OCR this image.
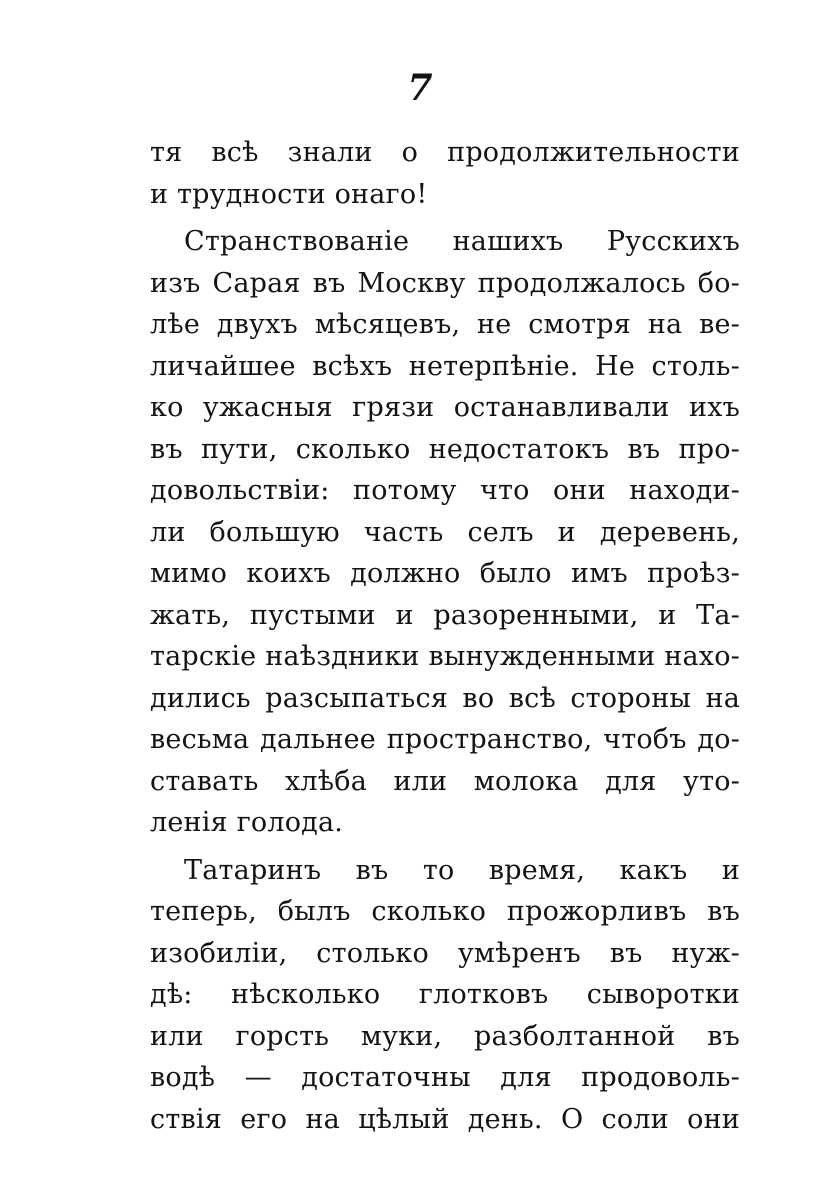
7
тя всѣ знали о продолжительности
и трудности онаго!
Странствованіе нашихъ Русскихъ
изъ Сарая въ Москву продолжалось бо-
лѣе двухъ мѣсяцевъ, не смотря на ве-
личайшее всѣхъ нетерпѣніе. Не столь-
ко ужасныя грязи останавливали ихъ
въ пути, сколько недостатокъ въ про-
довольствіи: потому что они находи-
ли большую часть селъ и деревень,
мимо коихъ должно было имъ проѣз-
жать, пустыми и разоренными, и Та-
тарскіе наѣздники вынужденными нахо-
дились разсыпаться во всѣ стороны на
весьма дальнее пространство, чтобъ до-
ставать хлѣба или молока для уто-
ленія голода.
Татаринъ въ то время, какъ и
теперь, былъ сколько прожорливъ въ
изобиліи, столько умѣренъ въ нуж-
дѣ: нѣсколько глотковъ сыворотки
или горсть муки, разболтанной въ
водѣ — достаточны для продоволь-
ствія его на цѣлый день. О соли они
